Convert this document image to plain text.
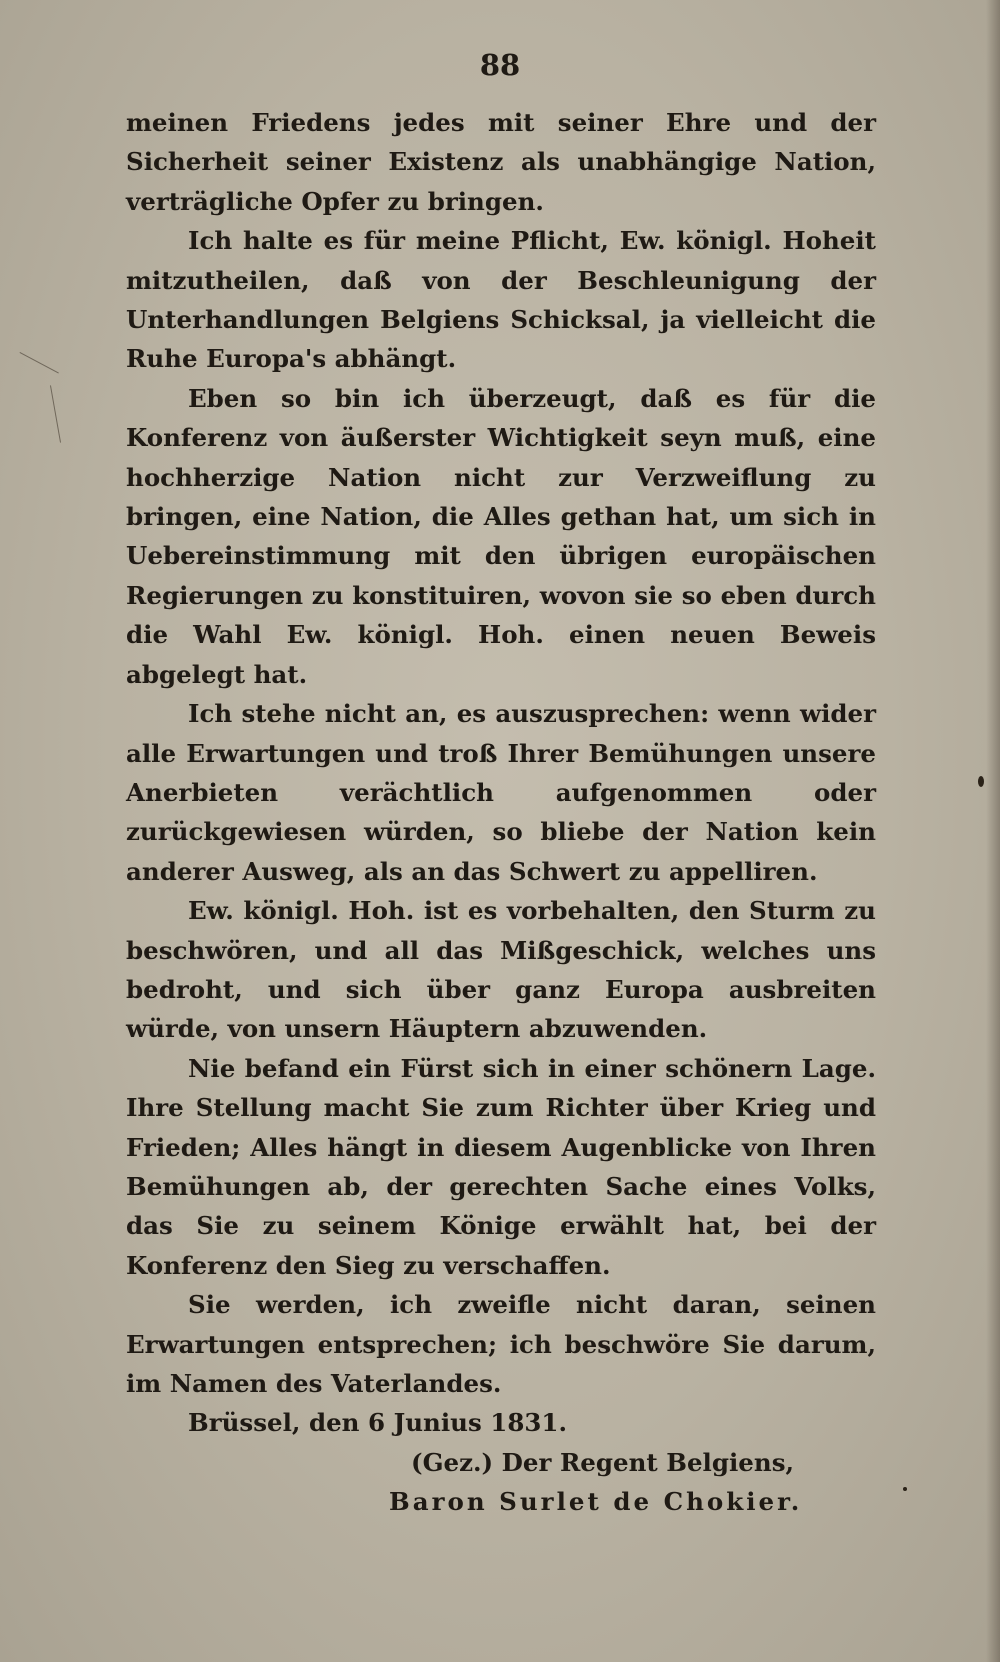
88

meinen Friedens jedes mit seiner Ehre und der Sicherheit seiner Existenz als unabhängige Nation, verträgliche Opfer zu bringen.

Ich halte es für meine Pflicht, Ew. königl. Hoheit mitzutheilen, daß von der Beschleunigung der Unterhandlungen Belgiens Schicksal, ja vielleicht die Ruhe Europa's abhängt.

Eben so bin ich überzeugt, daß es für die Konferenz von äußerster Wichtigkeit seyn muß, eine hochherzige Nation nicht zur Verzweiflung zu bringen, eine Nation, die Alles gethan hat, um sich in Uebereinstimmung mit den übrigen europäischen Regierungen zu konstituiren, wovon sie so eben durch die Wahl Ew. königl. Hoh. einen neuen Beweis abgelegt hat.

Ich stehe nicht an, es auszusprechen: wenn wider alle Erwartungen und troß Ihrer Bemühungen unsere Anerbieten verächtlich aufgenommen oder zurückgewiesen würden, so bliebe der Nation kein anderer Ausweg, als an das Schwert zu appelliren.

Ew. königl. Hoh. ist es vorbehalten, den Sturm zu beschwören, und all das Mißgeschick, welches uns bedroht, und sich über ganz Europa ausbreiten würde, von unsern Häuptern abzuwenden.

Nie befand ein Fürst sich in einer schönern Lage. Ihre Stellung macht Sie zum Richter über Krieg und Frieden; Alles hängt in diesem Augenblicke von Ihren Bemühungen ab, der gerechten Sache eines Volks, das Sie zu seinem Könige erwählt hat, bei der Konferenz den Sieg zu verschaffen.

Sie werden, ich zweifle nicht daran, seinen Erwartungen entsprechen; ich beschwöre Sie darum, im Namen des Vaterlandes.

Brüssel, den 6 Junius 1831.

(Gez.) Der Regent Belgiens,

Baron Surlet de Chokier.
